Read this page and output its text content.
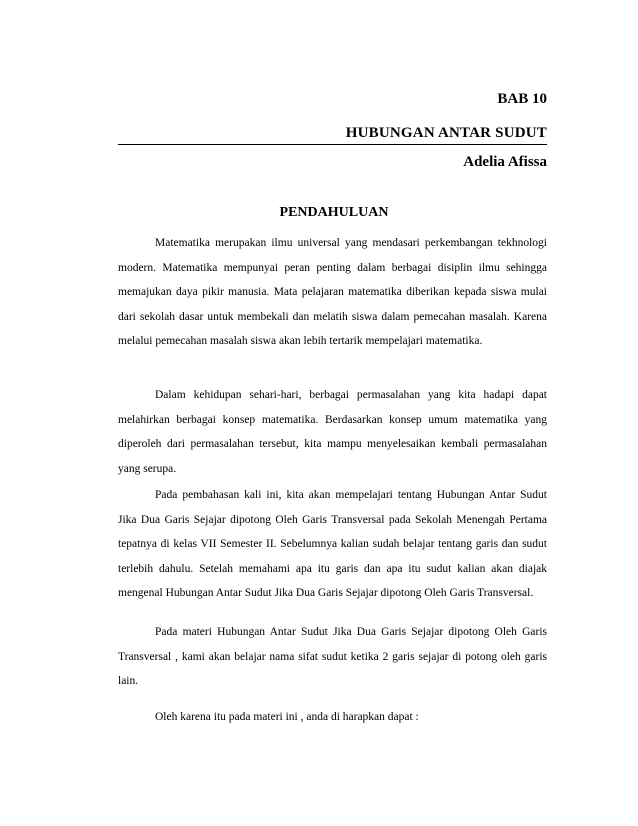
BAB 10
HUBUNGAN ANTAR SUDUT
Adelia Afissa
PENDAHULUAN

Matematika merupakan ilmu universal yang mendasari perkembangan tekhnologi modern. Matematika mempunyai peran penting dalam berbagai disiplin ilmu sehingga memajukan daya pikir manusia. Mata pelajaran matematika diberikan kepada siswa mulai dari sekolah dasar untuk membekali dan melatih siswa dalam pemecahan masalah. Karena melalui pemecahan masalah siswa akan lebih tertarik mempelajari matematika.

Dalam kehidupan sehari-hari, berbagai permasalahan yang kita hadapi dapat melahirkan berbagai konsep matematika. Berdasarkan konsep umum matematika yang diperoleh dari permasalahan tersebut, kita mampu menyelesaikan kembali permasalahan yang serupa.

Pada pembahasan kali ini, kita akan mempelajari tentang Hubungan Antar Sudut Jika Dua Garis Sejajar dipotong Oleh Garis Transversal pada Sekolah Menengah Pertama tepatnya di kelas VII Semester II. Sebelumnya kalian sudah belajar tentang garis dan sudut terlebih dahulu. Setelah memahami apa itu garis dan apa itu sudut kalian akan diajak mengenal Hubungan Antar Sudut Jika Dua Garis Sejajar dipotong Oleh Garis Transversal.

Pada materi Hubungan Antar Sudut Jika Dua Garis Sejajar dipotong Oleh Garis Transversal , kami akan belajar nama sifat sudut ketika 2 garis sejajar di potong oleh garis lain.

Oleh karena itu pada materi ini , anda di harapkan dapat :
